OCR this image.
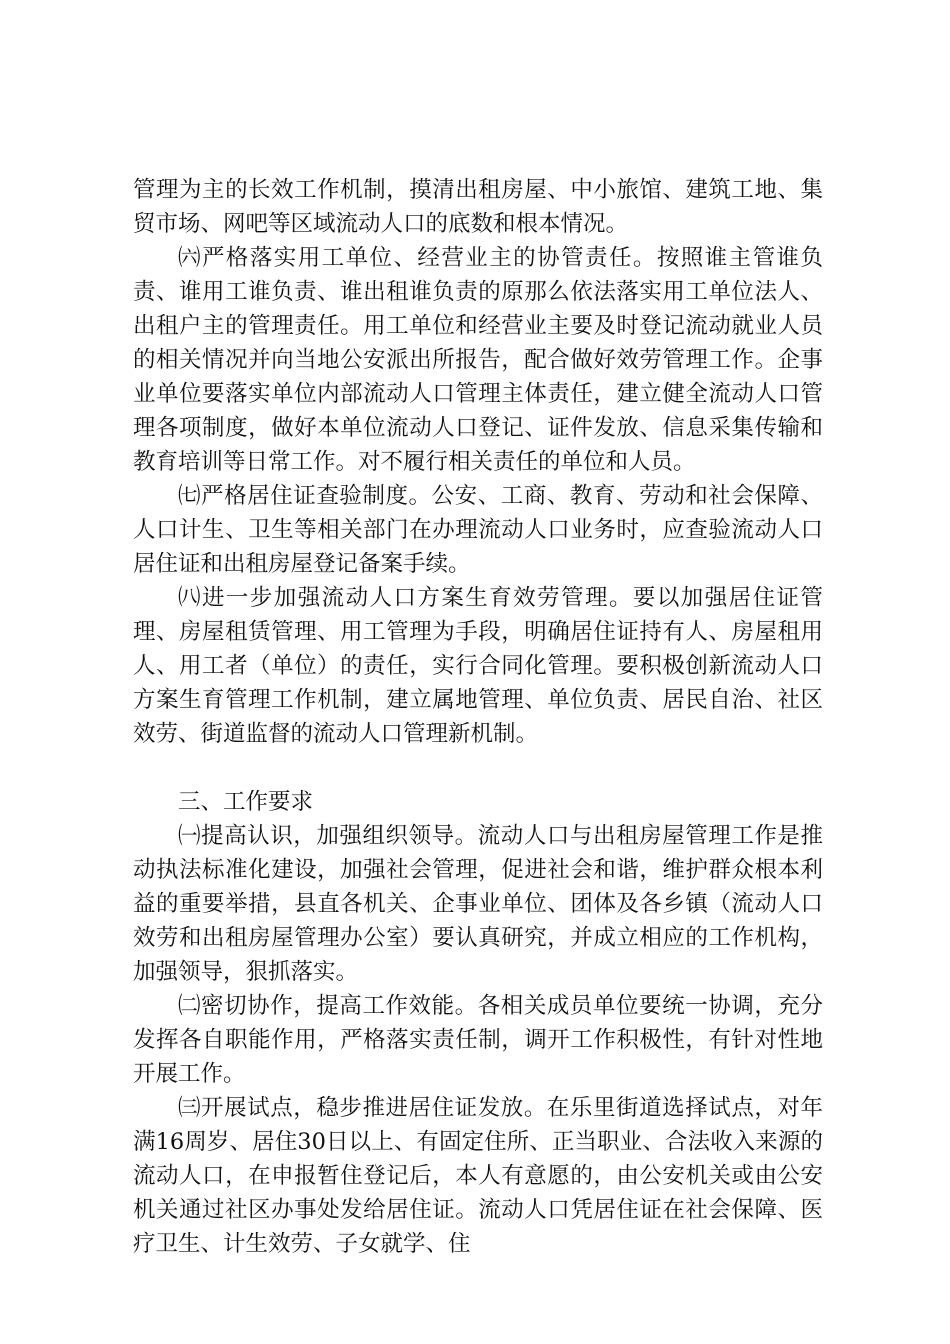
管理为主的长效工作机制，摸清出租房屋、中小旅馆、建筑工地、集贸市场、网吧等区域流动人口的底数和根本情况。

㈥严格落实用工单位、经营业主的协管责任。按照谁主管谁负责、谁用工谁负责、谁出租谁负责的原那么依法落实用工单位法人、出租户主的管理责任。用工单位和经营业主要及时登记流动就业人员的相关情况并向当地公安派出所报告，配合做好效劳管理工作。企事业单位要落实单位内部流动人口管理主体责任，建立健全流动人口管理各项制度，做好本单位流动人口登记、证件发放、信息采集传输和教育培训等日常工作。对不履行相关责任的单位和人员。

㈦严格居住证查验制度。公安、工商、教育、劳动和社会保障、人口计生、卫生等相关部门在办理流动人口业务时，应查验流动人口居住证和出租房屋登记备案手续。

㈧进一步加强流动人口方案生育效劳管理。要以加强居住证管理、房屋租赁管理、用工管理为手段，明确居住证持有人、房屋租用人、用工者（单位）的责任，实行合同化管理。要积极创新流动人口方案生育管理工作机制，建立属地管理、单位负责、居民自治、社区效劳、街道监督的流动人口管理新机制。

三、工作要求

㈠提高认识，加强组织领导。流动人口与出租房屋管理工作是推动执法标准化建设，加强社会管理，促进社会和谐，维护群众根本利益的重要举措，县直各机关、企事业单位、团体及各乡镇（流动人口效劳和出租房屋管理办公室）要认真研究，并成立相应的工作机构，加强领导，狠抓落实。

㈡密切协作，提高工作效能。各相关成员单位要统一协调，充分发挥各自职能作用，严格落实责任制，调开工作积极性，有针对性地开展工作。

㈢开展试点，稳步推进居住证发放。在乐里街道选择试点，对年满16周岁、居住30日以上、有固定住所、正当职业、合法收入来源的流动人口，在申报暂住登记后，本人有意愿的，由公安机关或由公安机关通过社区办事处发给居住证。流动人口凭居住证在社会保障、医疗卫生、计生效劳、子女就学、住
